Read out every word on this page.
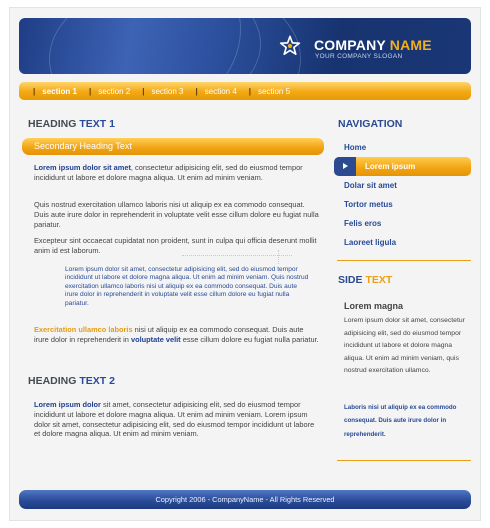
COMPANY NAME
YOUR COMPANY SLOGAN
| section 1 | section 2 | section 3 | section 4 | section 5
HEADING TEXT 1
Secondary Heading Text

Lorem ipsum dolor sit amet, consectetur adipisicing elit, sed do eiusmod tempor incididunt ut labore et dolore magna aliqua. Ut enim ad minim veniam.

Quis nostrud exercitation ullamco laboris nisi ut aliquip ex ea commodo consequat. Duis aute irure dolor in reprehenderit in voluptate velit esse cillum dolore eu fugiat nulla pariatur.

Excepteur sint occaecat cupidatat non proident, sunt in culpa qui officia deserunt mollit anim id est laborum.

Lorem ipsum dolor sit amet, consectetur adipisicing elit, sed do eiusmod tempor incididunt ut labore et dolore magna aliqua. Ut enim ad minim veniam. Quis nostrud exercitation ullamco laboris nisi ut aliquip ex ea commodo consequat. Duis aute irure dolor in reprehenderit in voluptate velit esse cillum dolore eu fugiat nulla pariatur.

Exercitation ullamco laboris nisi ut aliquip ex ea commodo consequat. Duis aute irure dolor in reprehenderit in voluptate velit esse cillum dolore eu fugiat nulla pariatur.

HEADING TEXT 2

Lorem ipsum dolor sit amet, consectetur adipisicing elit, sed do eiusmod tempor incididunt ut labore et dolore magna aliqua. Ut enim ad minim veniam. Lorem ipsum dolor sit amet, consectetur adipisicing elit, sed do eiusmod tempor incididunt ut labore et dolore magna aliqua. Ut enim ad minim veniam.

NAVIGATION
Home
Lorem ipsum
Dolar sit amet
Tortor metus
Felis eros
Laoreet ligula
SIDE TEXT
Lorem magna

Lorem ipsum dolor sit amet, consectetur adipisicing elit, sed do eiusmod tempor incididunt ut labore et dolore magna aliqua. Ut enim ad minim veniam, quis nostrud exercitation ullamco.

Laboris nisi ut aliquip ex ea commodo consequat. Duis aute irure dolor in reprehenderit.

Copyright 2006 - CompanyName - All Rights Reserved
